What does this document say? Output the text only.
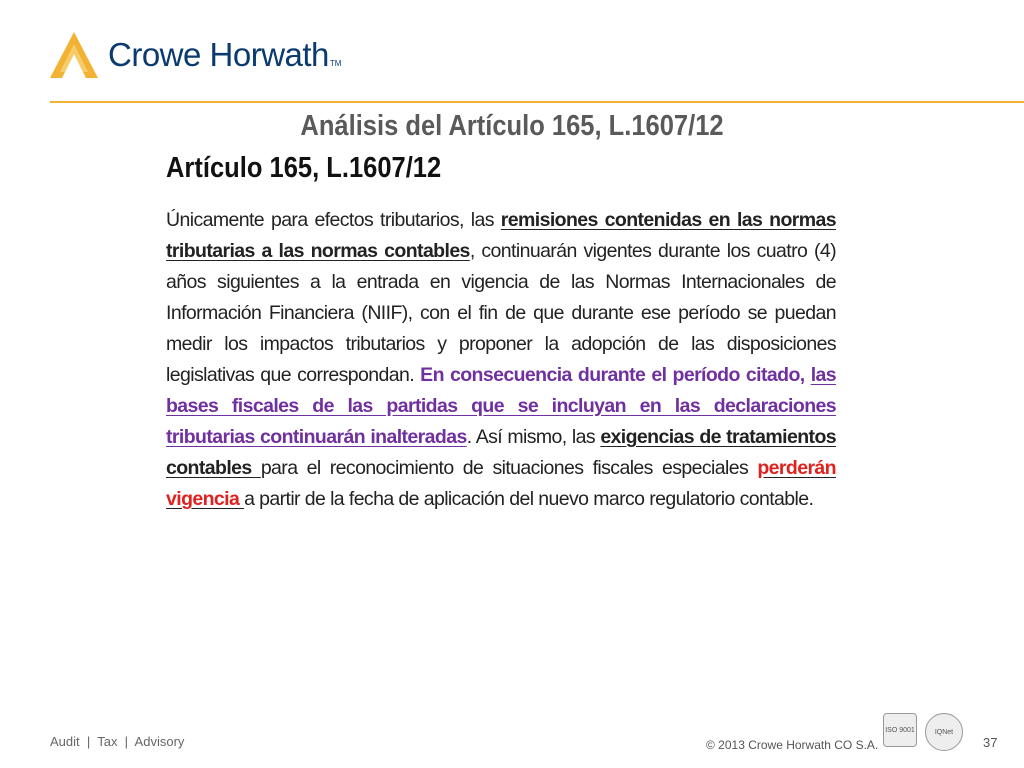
Crowe Horwath TM
Análisis del Artículo 165, L.1607/12
Artículo 165, L.1607/12
Únicamente para efectos tributarios, las remisiones contenidas en las normas tributarias a las normas contables, continuarán vigentes durante los cuatro (4) años siguientes a la entrada en vigencia de las Normas Internacionales de Información Financiera (NIIF), con el fin de que durante ese período se puedan medir los impactos tributarios y proponer la adopción de las disposiciones legislativas que correspondan. En consecuencia durante el período citado, las bases fiscales de las partidas que se incluyan en las declaraciones tributarias continuarán inalteradas. Así mismo, las exigencias de tratamientos contables para el reconocimiento de situaciones fiscales especiales perderán vigencia a partir de la fecha de aplicación del nuevo marco regulatorio contable.
Audit  |  Tax  |  Advisory	© 2013 Crowe Horwath CO S.A.
ISO 9001	IQNet
37
